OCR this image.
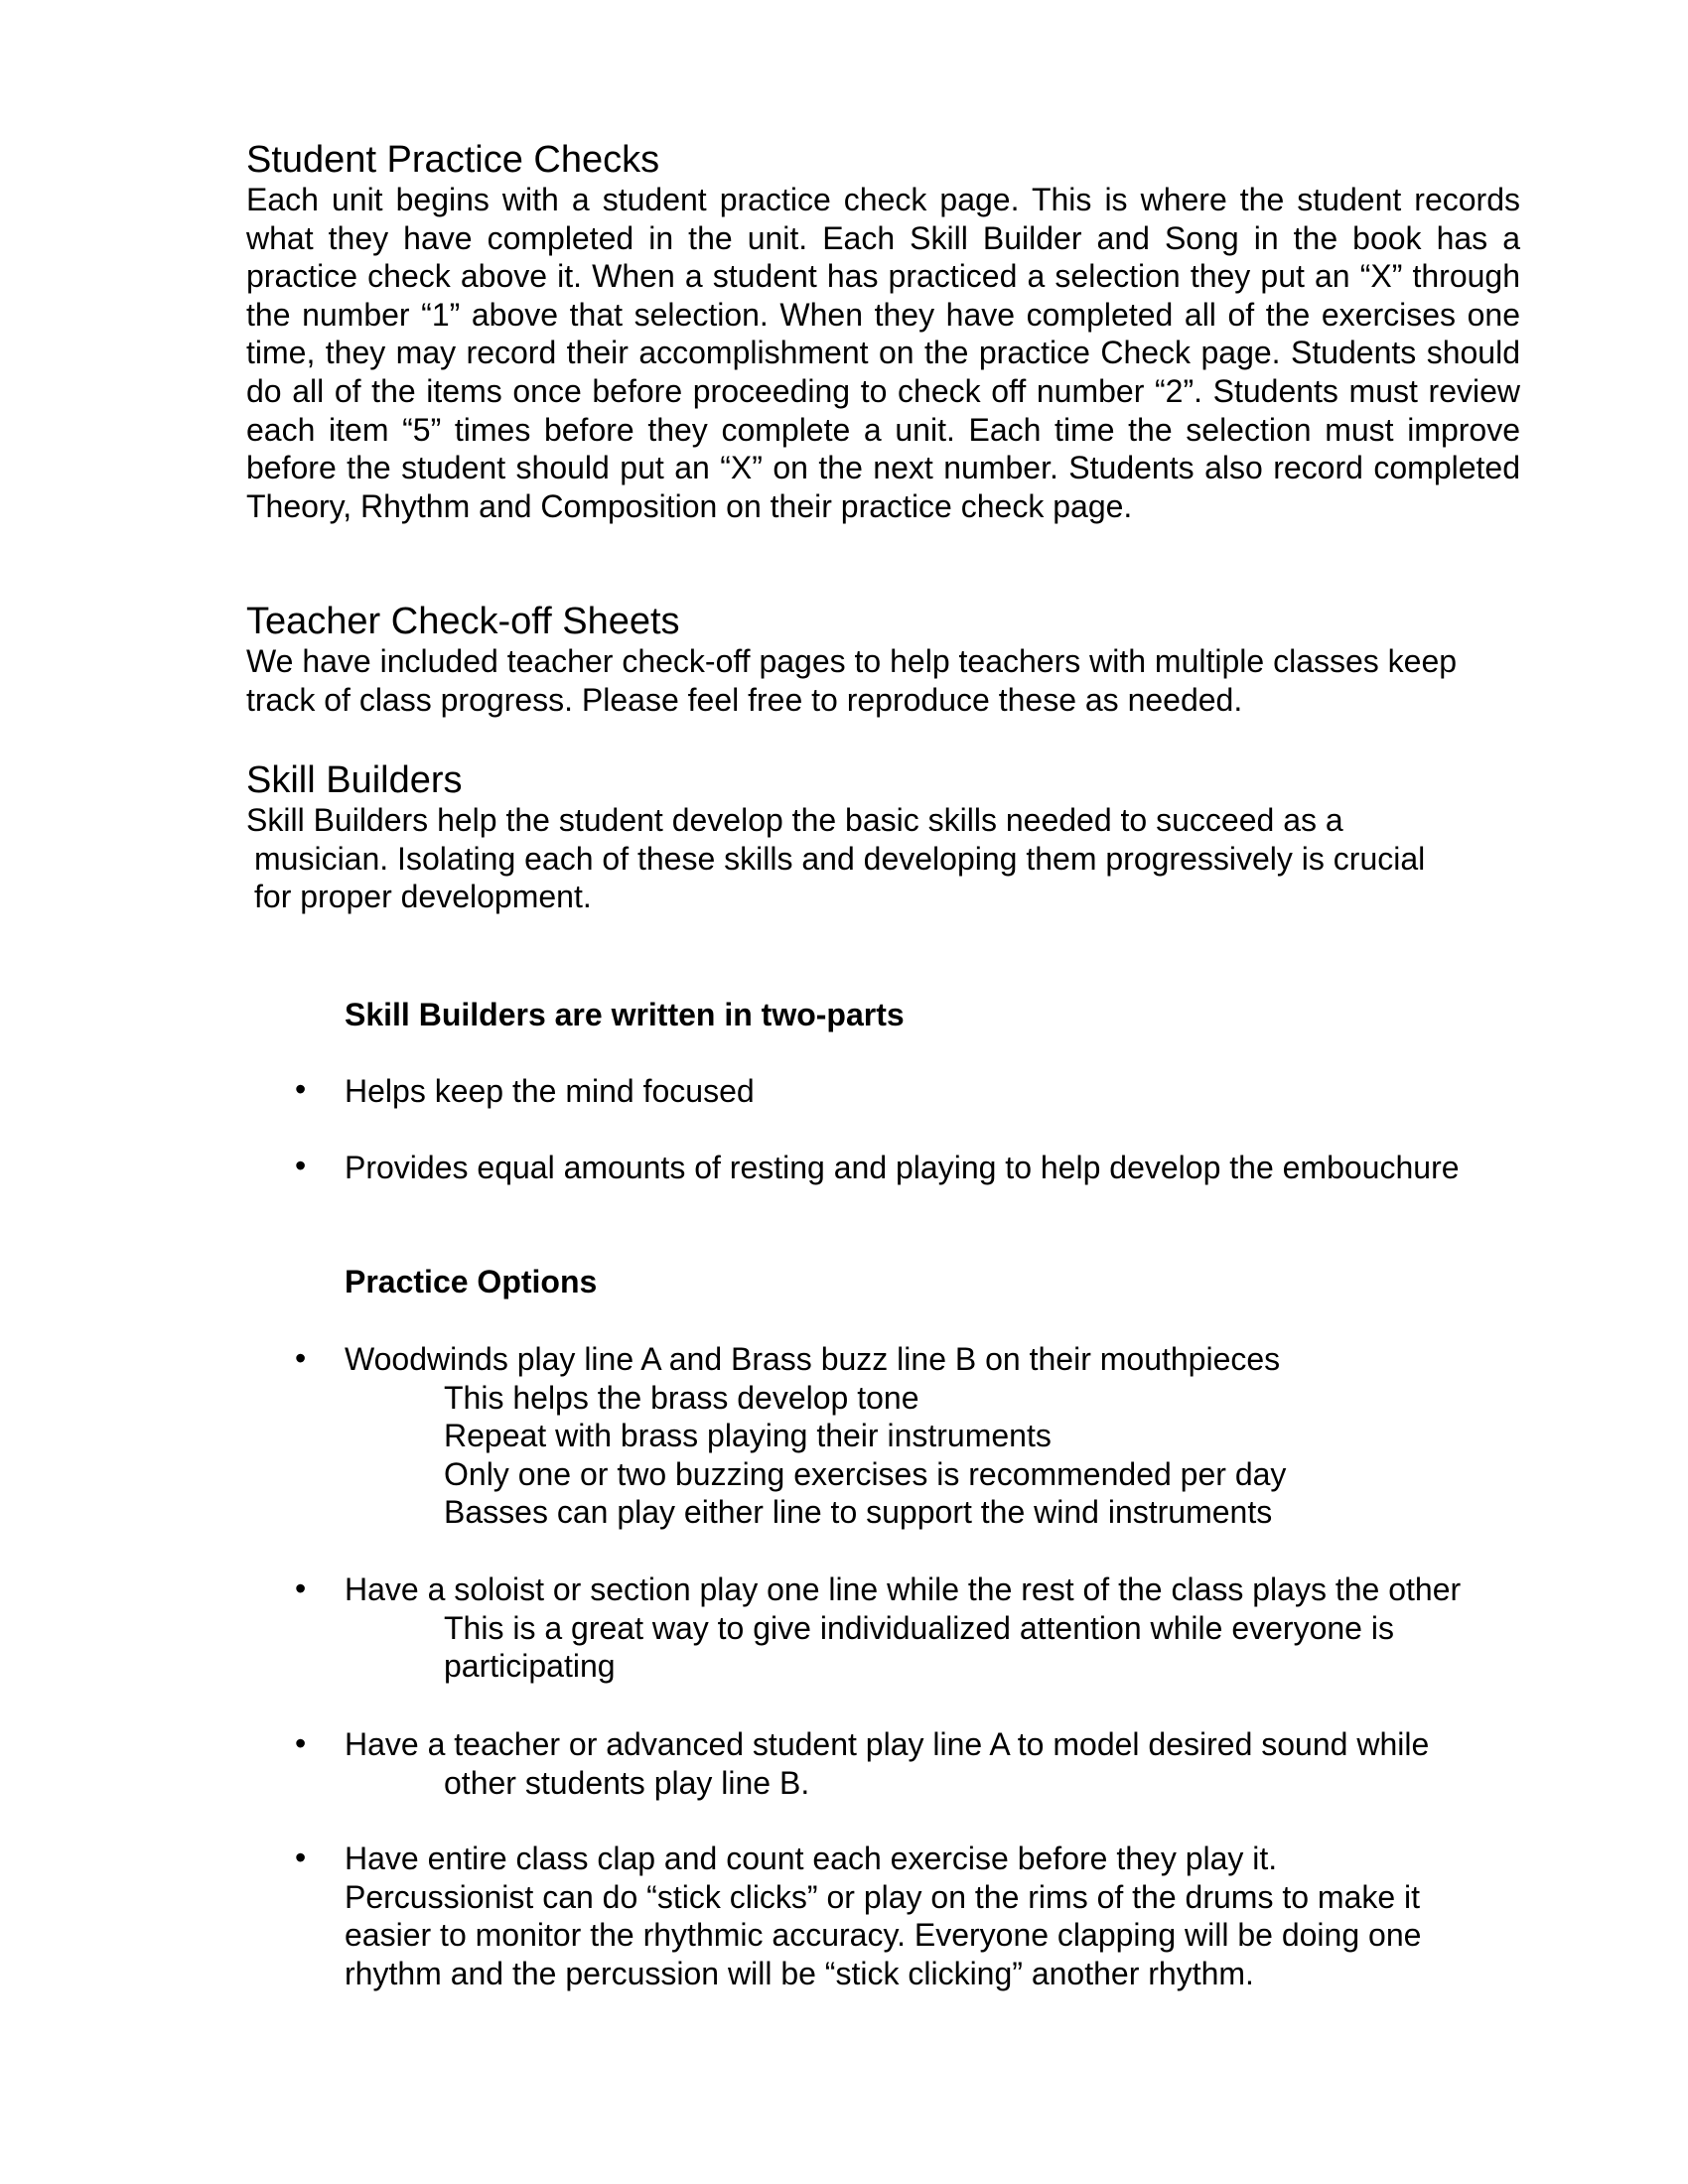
Student Practice Checks

Each unit begins with a student practice check page. This is where the student records what they have completed in the unit. Each Skill Builder and Song in the book has a practice check above it. When a student has practiced a selection they put an “X” through the number “1” above that selection. When they have completed all of the exercises one time, they may record their accomplishment on the practice Check page. Students should do all of the items once before proceeding to check off number “2”. Students must review each item “5” times before they complete a unit. Each time the selection must improve before the student should put an “X” on the next number. Students also record completed Theory, Rhythm and Composition on their practice check page.

Teacher Check-off Sheets
We have included teacher check-off pages to help teachers with multiple classes keep
track of class progress. Please feel free to reproduce these as needed.
Skill Builders
Skill Builders help the student develop the basic skills needed to succeed as a
musician. Isolating each of these skills and developing them progressively is crucial
for proper development.
Skill Builders are written in two-parts
• Helps keep the mind focused
• Provides equal amounts of resting and playing to help develop the embouchure
Practice Options
• Woodwinds play line A and Brass buzz line B on their mouthpieces
This helps the brass develop tone
Repeat with brass playing their instruments
Only one or two buzzing exercises is recommended per day
Basses can play either line to support the wind instruments
• Have a soloist or section play one line while the rest of the class plays the other
This is a great way to give individualized attention while everyone is
participating
• Have a teacher or advanced student play line A to model desired sound while
other students play line B.
• Have entire class clap and count each exercise before they play it.
Percussionist can do “stick clicks” or play on the rims of the drums to make it
easier to monitor the rhythmic accuracy. Everyone clapping will be doing one
rhythm and the percussion will be “stick clicking” another rhythm.
